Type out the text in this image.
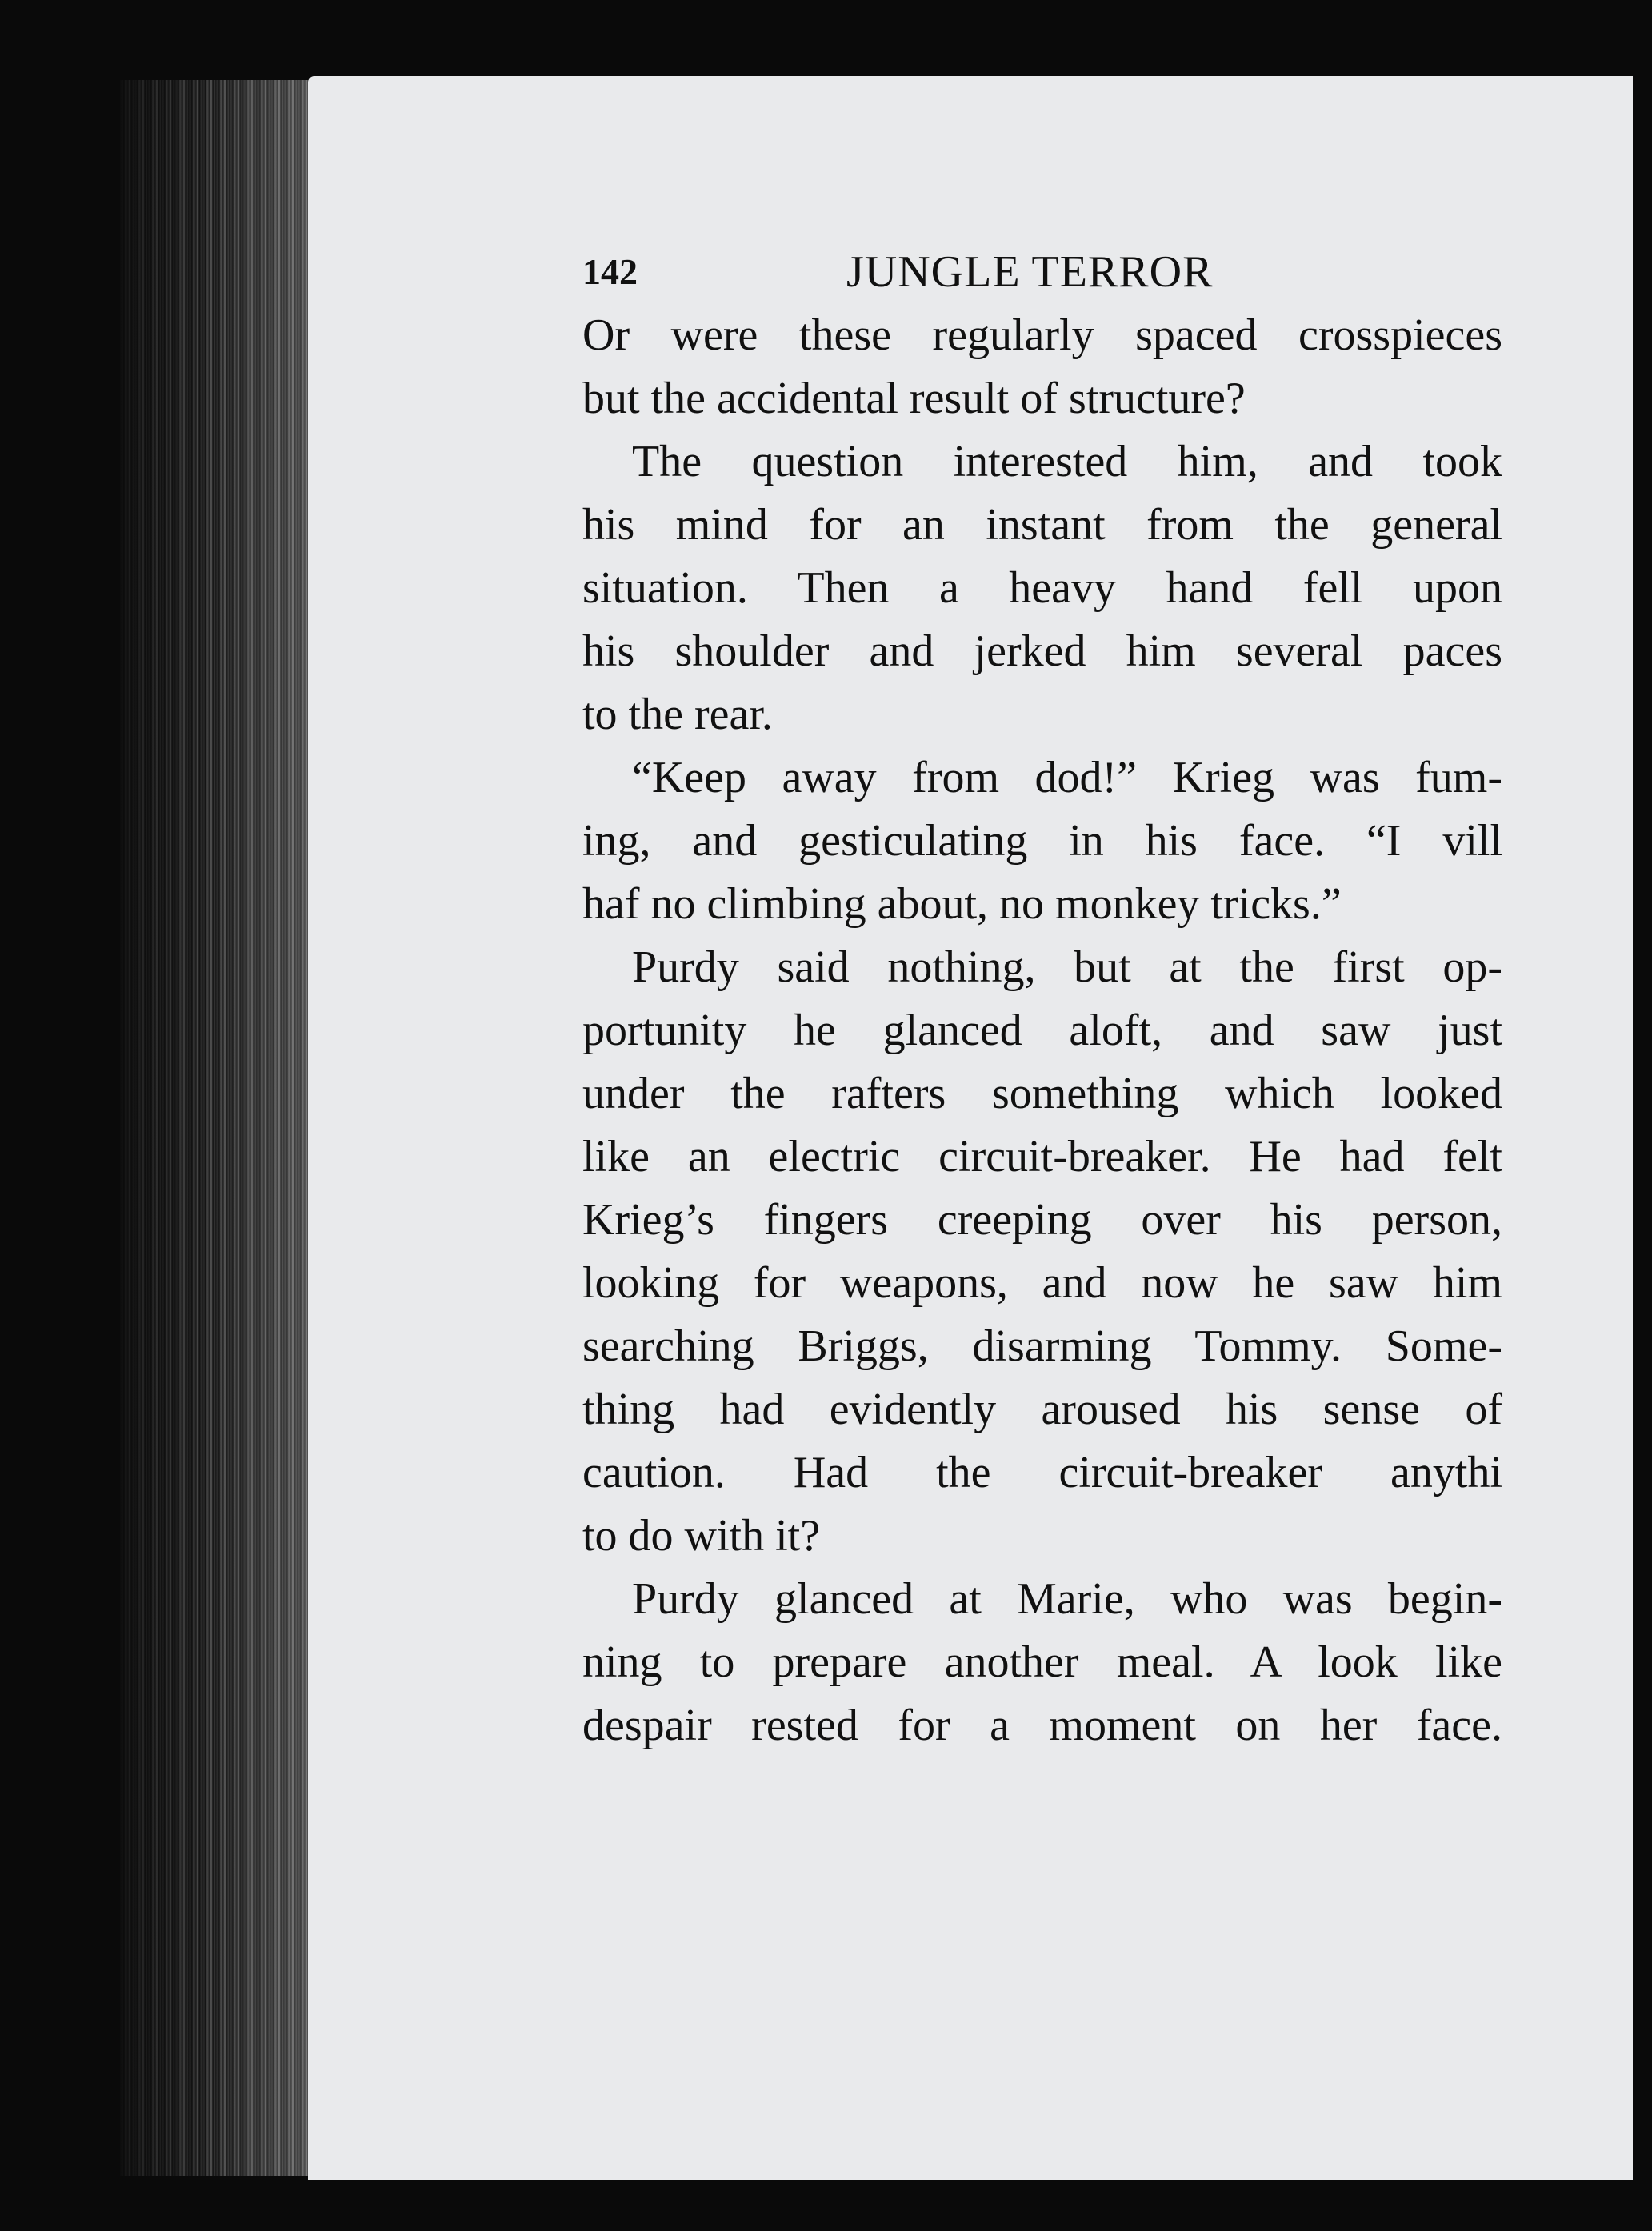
142	JUNGLE TERROR
Or were these regularly spaced crosspieces
but the accidental result of structure?
The question interested him, and took
his mind for an instant from the general
situation. Then a heavy hand fell upon
his shoulder and jerked him several paces
to the rear.
“Keep away from dod!” Krieg was fum-
ing, and gesticulating in his face. “I vill
haf no climbing about, no monkey tricks.”
Purdy said nothing, but at the first op-
portunity he glanced aloft, and saw just
under the rafters something which looked
like an electric circuit-breaker. He had felt
Krieg’s fingers creeping over his person,
looking for weapons, and now he saw him
searching Briggs, disarming Tommy. Some-
thing had evidently aroused his sense of
caution. Had the circuit-breaker anythi
to do with it?
Purdy glanced at Marie, who was begin-
ning to prepare another meal. A look like
despair rested for a moment on her face.
